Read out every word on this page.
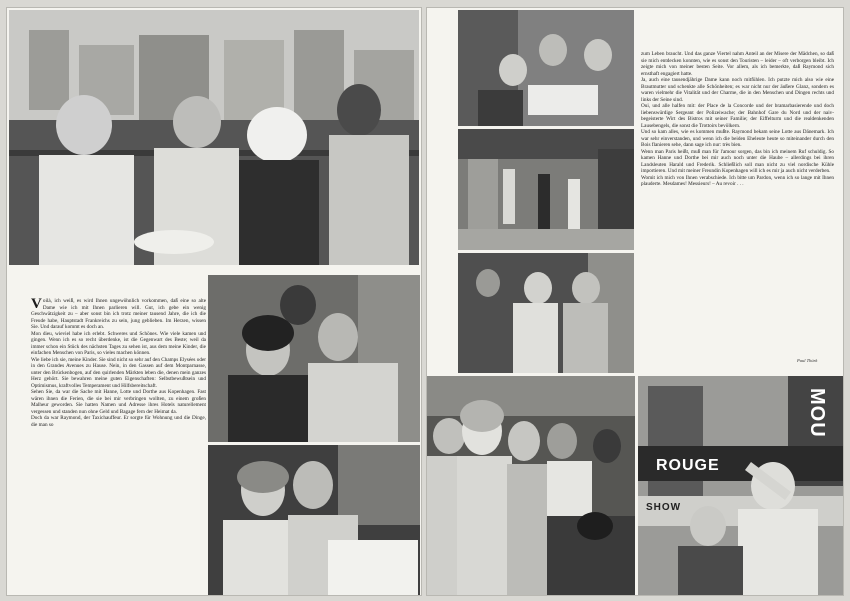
Voilà, ich weiß, es wird Ihnen ungewöhnlich vorkommen, daß eine so alte Dame wie ich mit Ihnen parlieren will. Gut, ich gebe ein wenig Geschwätzigkeit zu – aber sonst bin ich trotz meiner tausend Jahre, die ich die Freude habe, Hauptstadt Frankreichs zu sein, jung geblieben. Im Herzen, wissen Sie. Und darauf kommt es doch an.

Mon dieu, wieviel habe ich erlebt. Schweres und Schönes. Wie viele kamen und gingen. Wenn ich es so recht überdenke, ist die Gegenwart des Beste; weil da immer schon ein Stück des nächsten Tages zu sehen ist, aus dem meine Kinder, die einfachen Menschen von Paris, so vieles machen können.

Wie liebe ich sie, meine Kinder. Sie sind nicht so sehr auf den Champs Elysées oder in den Grandes Avenues zu Hause. Nein, in den Gassen auf dem Montparnasse, unter den Brückenbogen, auf den quirlenden Märkten leben die, denen mein ganzes Herz gehört. Sie bewahren meine guten Eigenschaften: Selbstbewußtsein und Optimismus, kraftvolles Temperament und Hilfsbereitschaft.

Sehen Sie, da war die Sache mit Hanne, Lotte und Dorthe aus Kopenhagen. Fast wären ihnen die Ferien, die sie bei mir verbringen wollten, zu einem großen Malheur geworden. Sie hatten Namen und Adresse ihres Hotels naturellement vergessen und standen nun ohne Geld und Bagage fern der Heimat da.

Doch da war Raymond, der Taxichauffeur. Er sorgte für Wohnung und die Dinge, die man so

zum Leben braucht. Und das ganze Viertel nahm Anteil an der Misere der Mädchen, so daß sie mich entdecken konnten, wie es sonst den Touristen – leider – oft verborgen bleibt. Ich zeigte mich von meiner besten Seite. Vor allem, als ich bemerkte, daß Raymond sich ernsthaft engagiert hatte.

Ja, auch eine tausendjährige Dame kann noch mitfühlen. Ich putzte mich also wie eine Brautmutter und schenkte alle Schönheiten; es war nicht nur der äußere Glanz, sondern es waren vielmehr die Vitalität und der Charme, die in den Menschen und Dingen rechts und links der Seine sind.

Oui, und alle halfen mit: der Place de la Concorde und der bramarbasierende und doch liebenswürdige Sergeant der Polizeiwache; der Bahnhof Gare du Nord und der naiv-begeisterte Wirt des Bistros mit seiner Familie; der Eiffelturm und die realdenkenden Lausebengels, die sonst die Trottoirs bevölkern.

Und so kam alles, wie es kommen mußte. Raymond bekam seine Lotte aus Dänemark. Ich war sehr einverstanden, und wenn ich die beiden Eheleute heute so miteinander durch den Bois flanieren sehe, dann sage ich nur: très bien.

Wenn man Paris heißt, muß man für l'amour sorgen, das bin ich meinem Ruf schuldig. So kamen Hanne und Dorthe bei mir auch noch unter die Haube – allerdings bei ihren Landsleuten Harald und Frederik. Schließlich soll man nicht zu viel nordische Kühle importieren. Und mit meiner Freundin Kopenhagen will ich es mir ja auch nicht verderben.

Womit ich mich von Ihnen verabschiede. Ich bitte um Pardon, wenn ich so lange mit Ihnen plauderte. Mesdames! Messieurs! – Au revoir . . .

Paul Thürk
ROUGE
SHOW
MOU
